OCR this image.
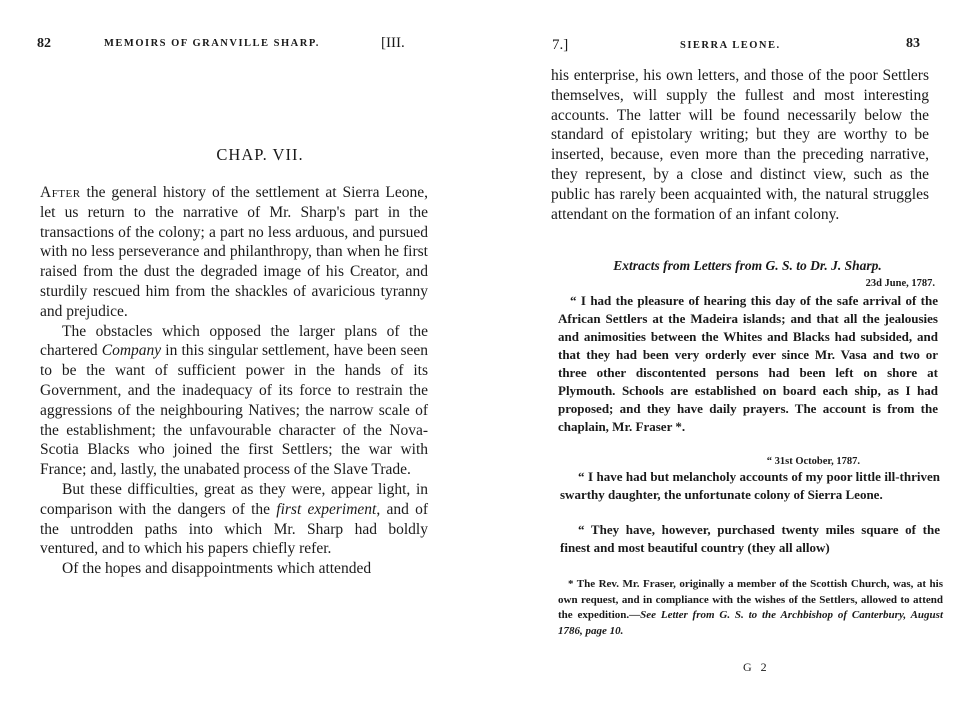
82	MEMOIRS OF GRANVILLE SHARP.	[III.
CHAP. VII.

After the general history of the settlement at Sierra Leone, let us return to the narrative of Mr. Sharp's part in the transactions of the colony; a part no less arduous, and pursued with no less perseverance and philanthropy, than when he first raised from the dust the degraded image of his Creator, and sturdily rescued him from the shackles of avaricious tyranny and prejudice.

The obstacles which opposed the larger plans of the chartered Company in this singular settlement, have been seen to be the want of sufficient power in the hands of its Government, and the inadequacy of its force to restrain the aggressions of the neighbouring Natives; the narrow scale of the establishment; the unfavourable character of the Nova-Scotia Blacks who joined the first Settlers; the war with France; and, lastly, the unabated process of the Slave Trade.

But these difficulties, great as they were, appear light, in comparison with the dangers of the first experiment, and of the untrodden paths into which Mr. Sharp had boldly ventured, and to which his papers chiefly refer.

Of the hopes and disappointments which attended

7.]	SIERRA LEONE.	83
his enterprise, his own letters, and those of the poor Settlers themselves, will supply the fullest and most interesting accounts. The latter will be found necessarily below the standard of epistolary writing; but they are worthy to be inserted, because, even more than the preceding narrative, they represent, by a close and distinct view, such as the public has rarely been acquainted with, the natural struggles attendant on the formation of an infant colony.
Extracts from Letters from G. S. to Dr. J. Sharp.
23d June, 1787.
“ I had the pleasure of hearing this day of the safe arrival of the African Settlers at the Madeira islands; and that all the jealousies and animosities between the Whites and Blacks had subsided, and that they had been very orderly ever since Mr. Vasa and two or three other discontented persons had been left on shore at Plymouth. Schools are established on board each ship, as I had proposed; and they have daily prayers. The account is from the chaplain, Mr. Fraser *.
“ 31st October, 1787.
“ I have had but melancholy accounts of my poor little ill-thriven swarthy daughter, the unfortunate colony of Sierra Leone.
“ They have, however, purchased twenty miles square of the finest and most beautiful country (they all allow)
* The Rev. Mr. Fraser, originally a member of the Scottish Church, was, at his own request, and in compliance with the wishes of the Settlers, allowed to attend the expedition.—See Letter from G. S. to the Archbishop of Canterbury, August 1786, page 10.
G 2
